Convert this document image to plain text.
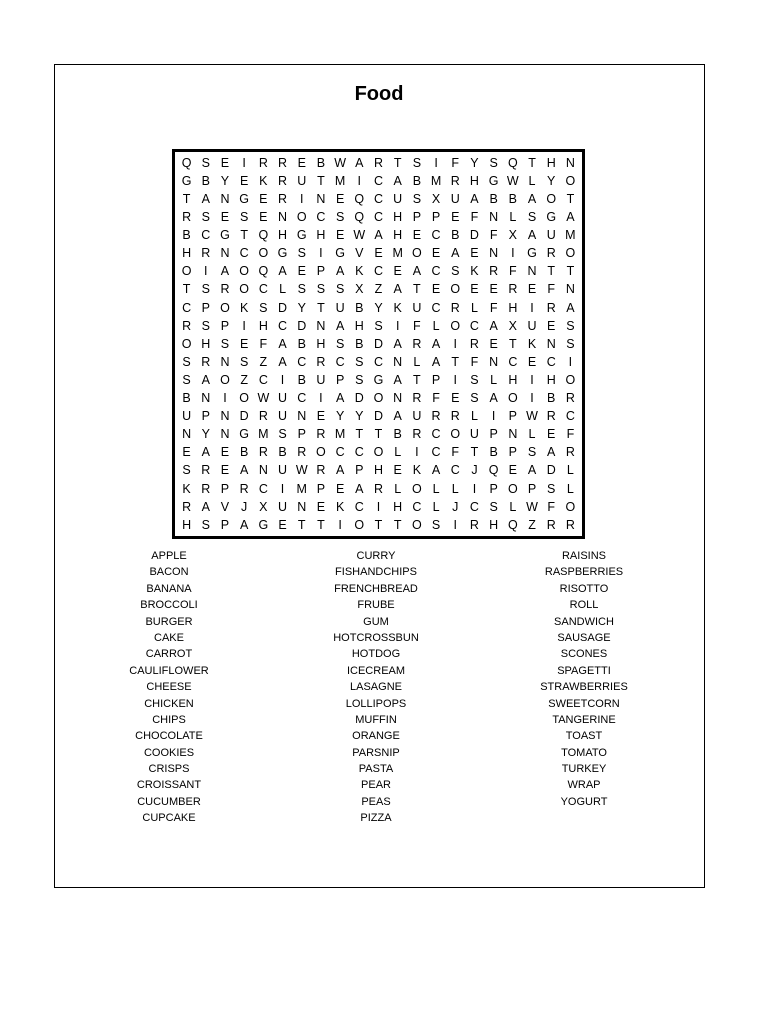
Food
Q S E	I	R R E B W A R T S	I	F Y S Q T H N
G B Y E K R U T M I	C A B M R H G W L Y O
T A N G E R	I	N E Q C U S X U A B B A O T
R S E S E N O C S Q C H P P E F N L S G A
B C G T Q H G H E W A H E C B D F X A U M
H R N C O G S	I	G V E M O E A E N	I	G R O
O	I	A O Q A E P A K C E A C S K R F N T T
T S R O C L S S S X Z A T E O E E R E F N
C P O K S D Y T U B Y K U C R L F H	I	R A
R S P	I	H C D N A H S	I	F L O C A X U E S
O H S E F A B H S B D A R A	I	R E T K N S
S R N S Z A C R C S C N L A T F N C E C	I
S A O Z C	I	B U P S G A T P	I	S L H	I	H O
B N	I	O W U C	I	A D O N R F E S A O	I	B R
U P N D R U N E Y Y D A U R R L	I	P W R C
N Y N G M S P R M T T B R C O U P N L E F
E A E B R B R O C C O L	I	C F T B P S A R
S R E A N U W R A P H E K A C J Q E A D L
K R P R C	I M P E A R L O L L	I	P O P S L
R A V J X U N E K C	I	H C L	J C S L W F O
H S P A G E T T	I	O T T O S	I	R H Q Z R R
APPLE
BACON
BANANA
BROCCOLI
BURGER
CAKE
CARROT
CAULIFLOWER
CHEESE
CHICKEN
CHIPS
CHOCOLATE
COOKIES
CRISPS
CROISSANT
CUCUMBER
CUPCAKE
CURRY
FISHANDCHIPS
FRENCHBREAD
FRUBE
GUM
HOTCROSSBUN
HOTDOG
ICECREAM
LASAGNE
LOLLIPOPS
MUFFIN
ORANGE
PARSNIP
PASTA
PEAR
PEAS
PIZZA
RAISINS
RASPBERRIES
RISOTTO
ROLL
SANDWICH
SAUSAGE
SCONES
SPAGETTI
STRAWBERRIES
SWEETCORN
TANGERINE
TOAST
TOMATO
TURKEY
WRAP
YOGURT
